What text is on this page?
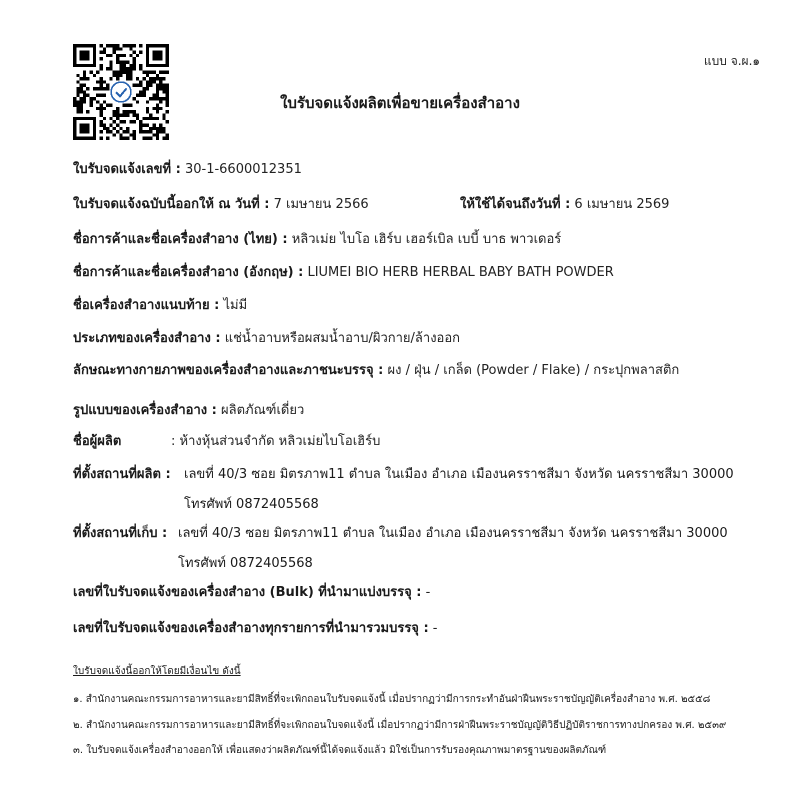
แบบ จ.ผ.๑
ใบรับจดแจ้งผลิตเพื่อขายเครื่องสำอาง
ใบรับจดแจ้งเลขที่ : 30-1-6600012351
ใบรับจดแจ้งฉบับนี้ออกให้ ณ วันที่ : 7 เมษายน 2566	ให้ใช้ได้จนถึงวันที่ : 6 เมษายน 2569
ชื่อการค้าและชื่อเครื่องสำอาง (ไทย) : หลิวเม่ย ไบโอ เฮิร์บ เฮอร์เบิล เบบี้ บาธ พาวเดอร์
ชื่อการค้าและชื่อเครื่องสำอาง (อังกฤษ) : LIUMEI BIO HERB HERBAL BABY BATH POWDER
ชื่อเครื่องสำอางแนบท้าย : ไม่มี
ประเภทของเครื่องสำอาง : แช่น้ำอาบหรือผสมน้ำอาบ/ผิวกาย/ล้างออก
ลักษณะทางกายภาพของเครื่องสำอางและภาชนะบรรจุ : ผง / ฝุ่น / เกล็ด (Powder / Flake) / กระปุกพลาสติก
รูปแบบของเครื่องสำอาง : ผลิตภัณฑ์เดี่ยว
ชื่อผู้ผลิต	: ห้างหุ้นส่วนจำกัด หลิวเม่ยไบโอเฮิร์บ
ที่ตั้งสถานที่ผลิต : เลขที่ 40/3 ซอย มิตรภาพ11 ตำบล ในเมือง อำเภอ เมืองนครราชสีมา จังหวัด นครราชสีมา 30000
โทรศัพท์ 0872405568
ที่ตั้งสถานที่เก็บ : เลขที่ 40/3 ซอย มิตรภาพ11 ตำบล ในเมือง อำเภอ เมืองนครราชสีมา จังหวัด นครราชสีมา 30000
โทรศัพท์ 0872405568
เลขที่ใบรับจดแจ้งของเครื่องสำอาง (Bulk) ที่นำมาแบ่งบรรจุ : -
เลขที่ใบรับจดแจ้งของเครื่องสำอางทุกรายการที่นำมารวมบรรจุ : -
ใบรับจดแจ้งนี้ออกให้โดยมีเงื่อนไข ดังนี้
๑. สำนักงานคณะกรรมการอาหารและยามีสิทธิ์ที่จะเพิกถอนใบรับจดแจ้งนี้ เมื่อปรากฏว่ามีการกระทำอันฝ่าฝืนพระราชบัญญัติเครื่องสำอาง พ.ศ. ๒๕๕๘
๒. สำนักงานคณะกรรมการอาหารและยามีสิทธิ์ที่จะเพิกถอนใบจดแจ้งนี้ เมื่อปรากฏว่ามีการฝ่าฝืนพระราชบัญญัติวิธีปฏิบัติราชการทางปกครอง พ.ศ. ๒๕๓๙
๓. ใบรับจดแจ้งเครื่องสำอางออกให้ เพื่อแสดงว่าผลิตภัณฑ์นี้ได้จดแจ้งแล้ว มิใช่เป็นการรับรองคุณภาพมาตรฐานของผลิตภัณฑ์
